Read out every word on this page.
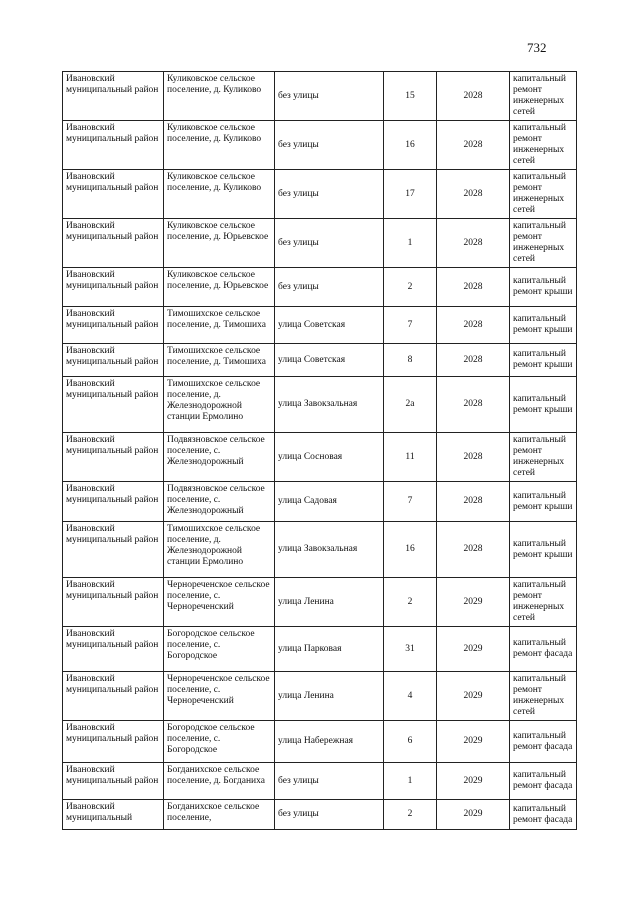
732
Ивановский муниципальный район	Куликовское сельское поселение, д. Куликово	без улицы	15	2028	капитальный ремонт инженерных сетей
Ивановский муниципальный район	Куликовское сельское поселение, д. Куликово	без улицы	16	2028	капитальный ремонт инженерных сетей
Ивановский муниципальный район	Куликовское сельское поселение, д. Куликово	без улицы	17	2028	капитальный ремонт инженерных сетей
Ивановский муниципальный район	Куликовское сельское поселение, д. Юрьевское	без улицы	1	2028	капитальный ремонт инженерных сетей
Ивановский муниципальный район	Куликовское сельское поселение, д. Юрьевское	без улицы	2	2028	капитальный ремонт крыши
Ивановский муниципальный район	Тимошихское сельское поселение, д. Тимошиха	улица Советская	7	2028	капитальный ремонт крыши
Ивановский муниципальный район	Тимошихское сельское поселение, д. Тимошиха	улица Советская	8	2028	капитальный ремонт крыши
Ивановский муниципальный район	Тимошихское сельское поселение, д. Железнодорожной станции Ермолино	улица Завокзальная	2а	2028	капитальный ремонт крыши
Ивановский муниципальный район	Подвязновское сельское поселение, с. Железнодорожный	улица Сосновая	11	2028	капитальный ремонт инженерных сетей
Ивановский муниципальный район	Подвязновское сельское поселение, с. Железнодорожный	улица Садовая	7	2028	капитальный ремонт крыши
Ивановский муниципальный район	Тимошихское сельское поселение, д. Железнодорожной станции Ермолино	улица Завокзальная	16	2028	капитальный ремонт крыши
Ивановский муниципальный район	Чернореченское сельское поселение, с. Чернореченский	улица Ленина	2	2029	капитальный ремонт инженерных сетей
Ивановский муниципальный район	Богородское сельское поселение, с. Богородское	улица Парковая	31	2029	капитальный ремонт фасада
Ивановский муниципальный район	Чернореченское сельское поселение, с. Чернореченский	улица Ленина	4	2029	капитальный ремонт инженерных сетей
Ивановский муниципальный район	Богородское сельское поселение, с. Богородское	улица Набережная	6	2029	капитальный ремонт фасада
Ивановский муниципальный район	Богданихское сельское поселение, д. Богданиха	без улицы	1	2029	капитальный ремонт фасада
Ивановский муниципальный	Богданихское сельское поселение,	без улицы	2	2029	капитальный ремонт фасада
